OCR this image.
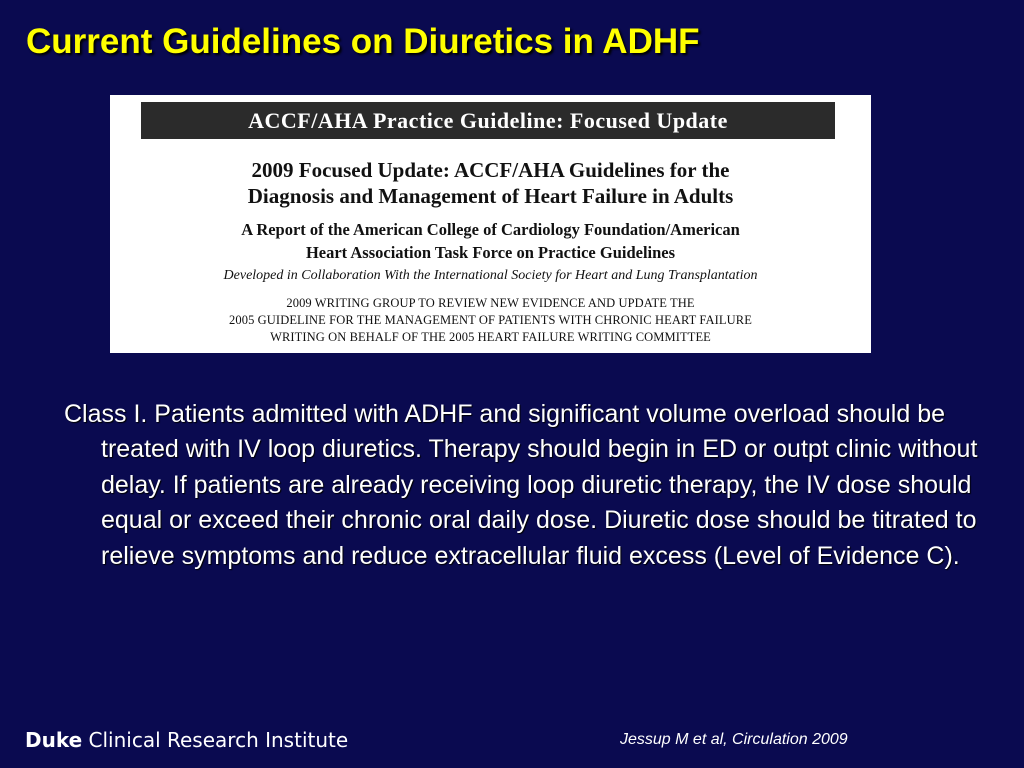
Current Guidelines on Diuretics in ADHF
ACCF/AHA Practice Guideline: Focused Update
2009 Focused Update: ACCF/AHA Guidelines for the
Diagnosis and Management of Heart Failure in Adults
A Report of the American College of Cardiology Foundation/American
Heart Association Task Force on Practice Guidelines
Developed in Collaboration With the International Society for Heart and Lung Transplantation
2009 WRITING GROUP TO REVIEW NEW EVIDENCE AND UPDATE THE
2005 GUIDELINE FOR THE MANAGEMENT OF PATIENTS WITH CHRONIC HEART FAILURE
WRITING ON BEHALF OF THE 2005 HEART FAILURE WRITING COMMITTEE

Class I. Patients admitted with ADHF and significant volume overload should be treated with IV loop diuretics. Therapy should begin in ED or outpt clinic without delay. If patients are already receiving loop diuretic therapy, the IV dose should equal or exceed their chronic oral daily dose. Diuretic dose should be titrated to relieve symptoms and reduce extracellular fluid excess (Level of Evidence C).

Duke Clinical Research Institute	Jessup M et al, Circulation 2009
